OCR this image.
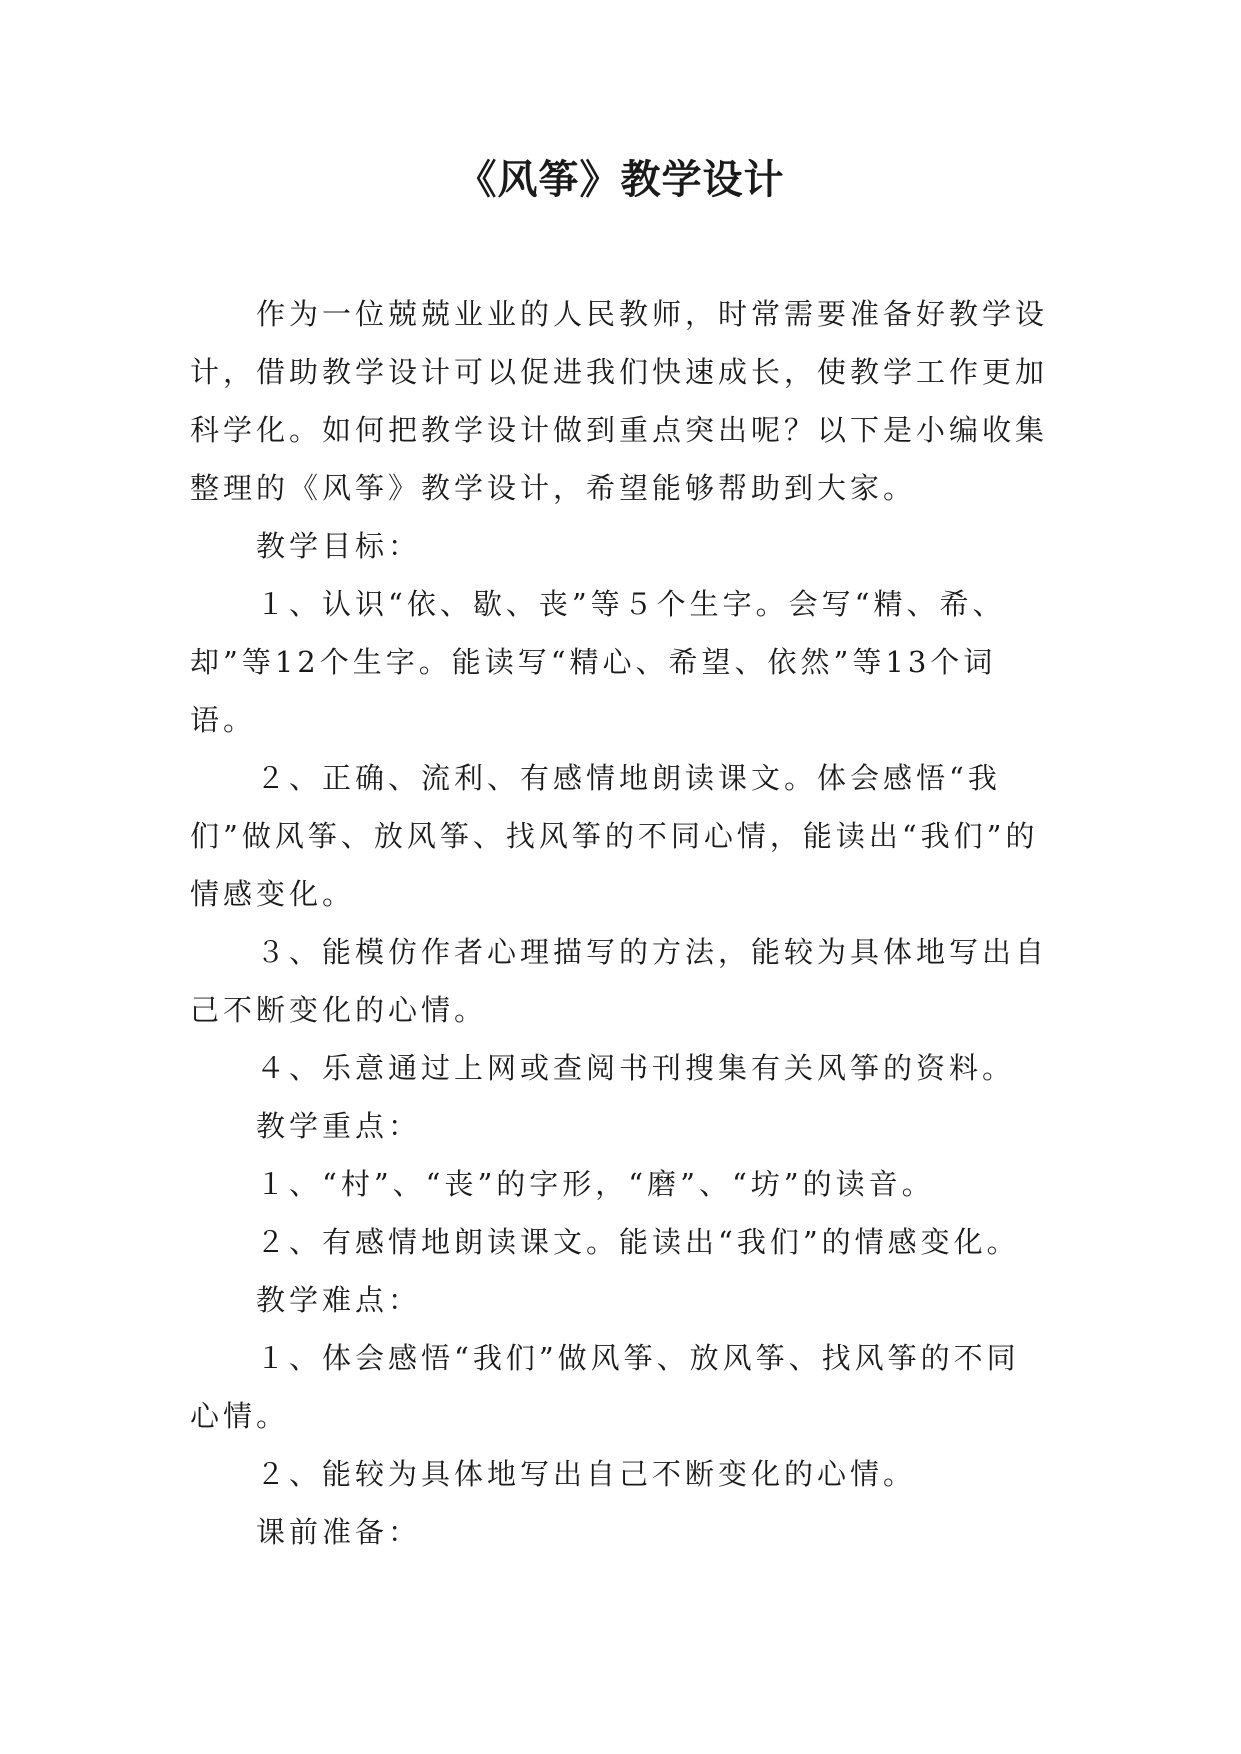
《风筝》教学设计

作为一位兢兢业业的人民教师，时常需要准备好教学设计，借助教学设计可以促进我们快速成长，使教学工作更加科学化。如何把教学设计做到重点突出呢？以下是小编收集整理的《风筝》教学设计，希望能够帮助到大家。

教学目标：

１、认识“依、歇、丧”等５个生字。会写“精、希、却”等12个生字。能读写“精心、希望、依然”等13个词语。

２、正确、流利、有感情地朗读课文。体会感悟“我们”做风筝、放风筝、找风筝的不同心情，能读出“我们”的情感变化。

３、能模仿作者心理描写的方法，能较为具体地写出自己不断变化的心情。

４、乐意通过上网或查阅书刊搜集有关风筝的资料。

教学重点：

１、“村”、“丧”的字形，“磨”、“坊”的读音。

２、有感情地朗读课文。能读出“我们”的情感变化。

教学难点：

１、体会感悟“我们”做风筝、放风筝、找风筝的不同心情。

２、能较为具体地写出自己不断变化的心情。

课前准备：
